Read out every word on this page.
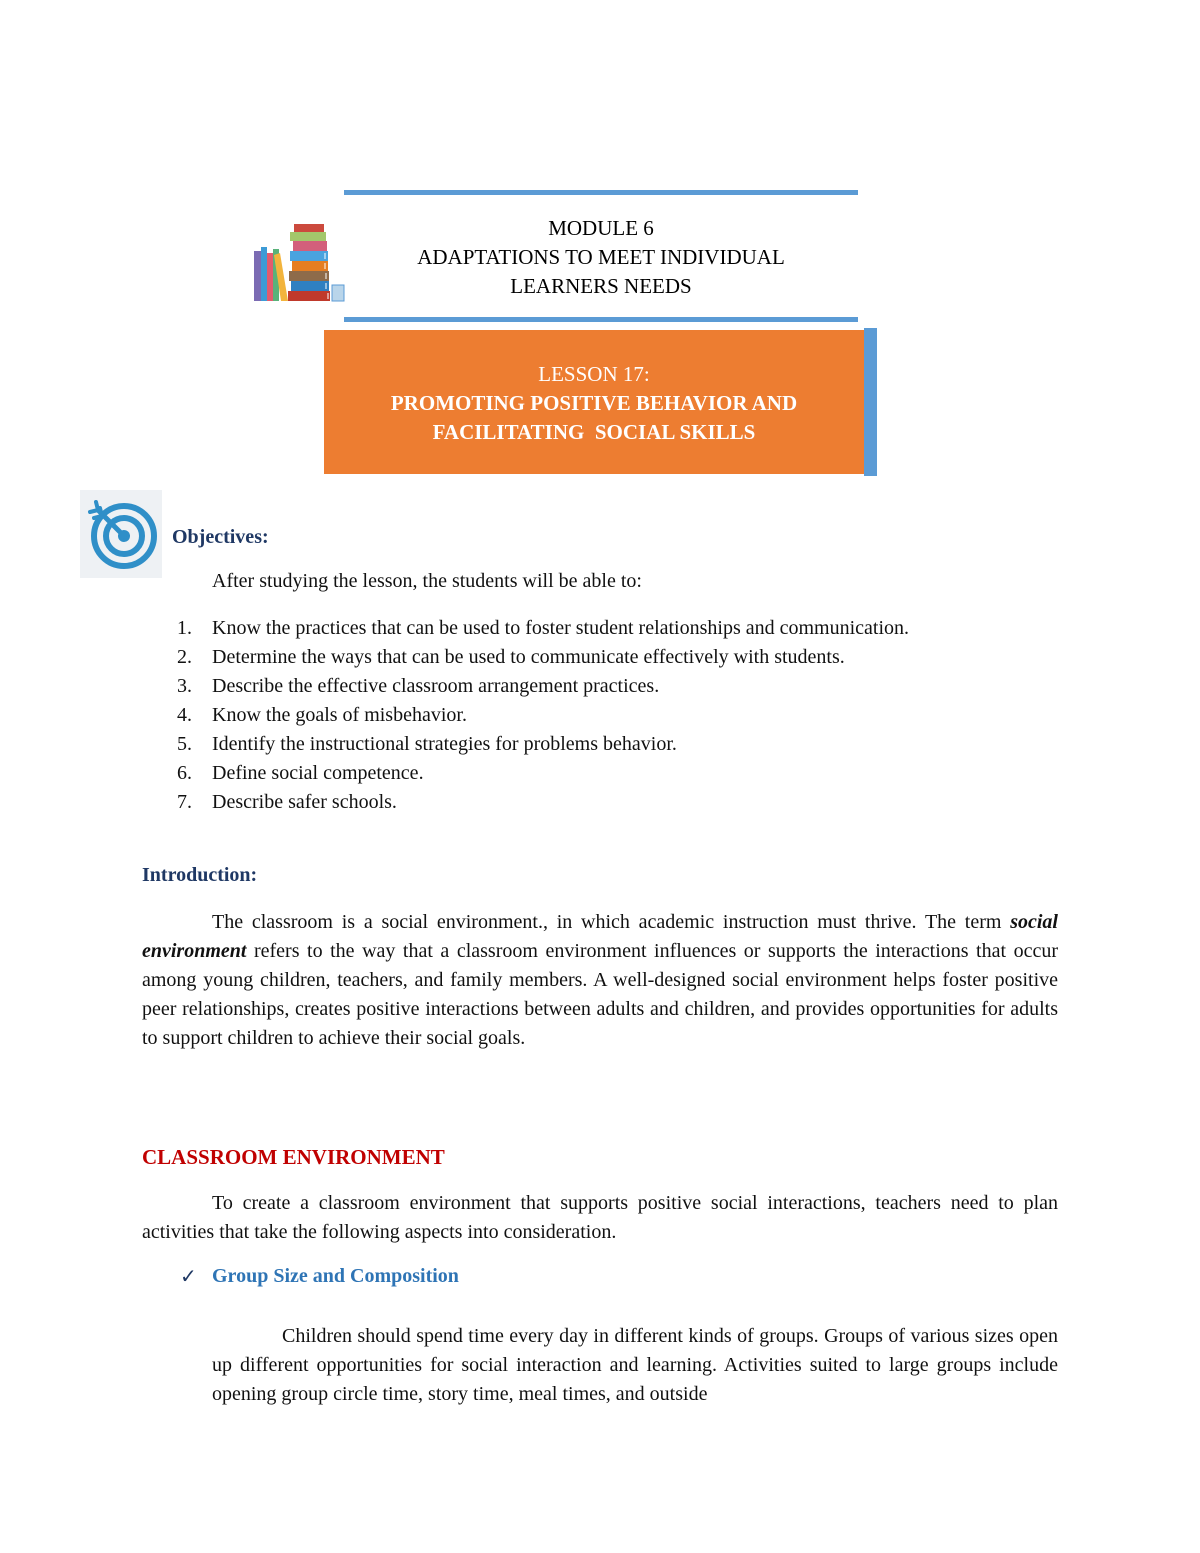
MODULE 6
ADAPTATIONS TO MEET INDIVIDUAL
LEARNERS NEEDS
LESSON 17:
PROMOTING POSITIVE BEHAVIOR AND
FACILITATING  SOCIAL SKILLS
Objectives:
After studying the lesson, the students will be able to:
1. Know the practices that can be used to foster student relationships and communication.
2. Determine the ways that can be used to communicate effectively with students.
3. Describe the effective classroom arrangement practices.
4. Know the goals of misbehavior.
5. Identify the instructional strategies for problems behavior.
6. Define social competence.
7. Describe safer schools.
Introduction:

The classroom is a social environment., in which academic instruction must thrive. The term social environment refers to the way that a classroom environment influences or supports the interactions that occur among young children, teachers, and family members. A well-designed social environment helps foster positive peer relationships, creates positive interactions between adults and children, and provides opportunities for adults to support children to achieve their social goals.

CLASSROOM ENVIRONMENT

To create a classroom environment that supports positive social interactions, teachers need to plan activities that take the following aspects into consideration.

✓ Group Size and Composition

Children should spend time every day in different kinds of groups. Groups of various sizes open up different opportunities for social interaction and learning. Activities suited to large groups include opening group circle time, story time, meal times, and outside
